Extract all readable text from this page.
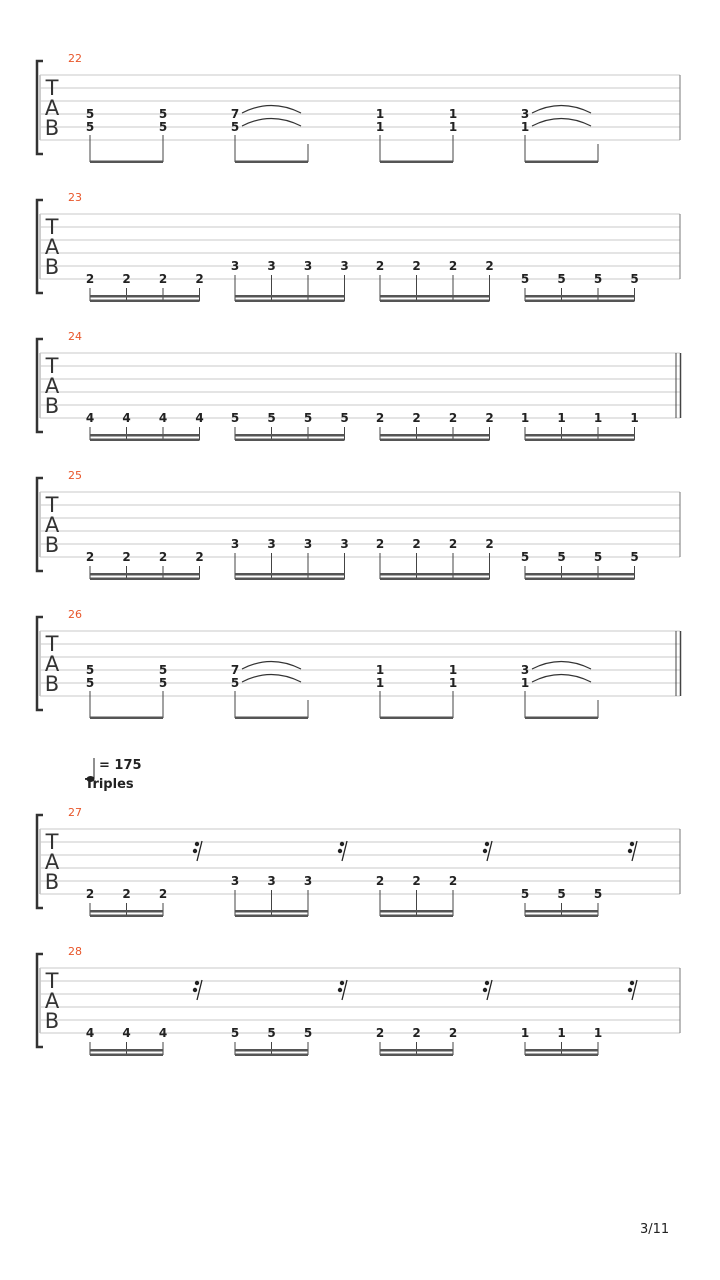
T
A
B
22
5
5
5
5
7
5
1
1
1
1
3
1
T
A
B
23
2 2 2 2
3 3 3 3 2 2 2 2
5 5 5 5
T
A
B
24
4 4 4 4 5 5 5 5 2 2 2 2 1 1 1 1
T
A
B
25
2 2 2 2
3 3 3 3 2 2 2 2
5 5 5 5
T
A
B
26
5
5
5
5
7
5
1
1
1
1
3
1
T
A
B
27
2 2 2
3 3 3	2 2 2
5 5 5
T
A
B
28
4 4 4	5 5 5	2 2 2	1 1 1
= 175
Triples
3/11
